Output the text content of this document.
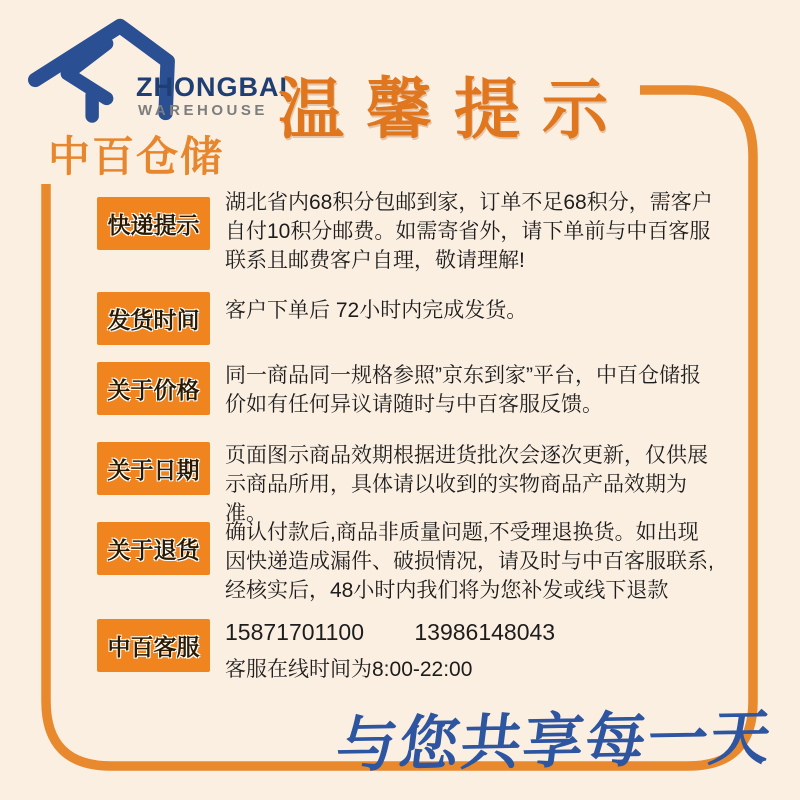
ZHONGBAI
WAREHOUSE
中百仓储
温馨提示
快递提示
湖北省内68积分包邮到家，订单不足68积分，需客户自付10积分邮费。如需寄省外，请下单前与中百客服联系且邮费客户自理，敬请理解!
发货时间	客户下单后 72小时内完成发货。
关于价格
同一商品同一规格参照”京东到家”平台，中百仓储报价如有任何异议请随时与中百客服反馈。
关于日期
页面图示商品效期根据进货批次会逐次更新，仅供展示商品所用，具体请以收到的实物商品产品效期为准。
关于退货
确认付款后,商品非质量问题,不受理退换货。如出现因快递造成漏件、破损情况，请及时与中百客服联系,经核实后，48小时内我们将为您补发或线下退款
中百客服
15871701100 13986148043
客服在线时间为8:00-22:00
与您共享每一天
